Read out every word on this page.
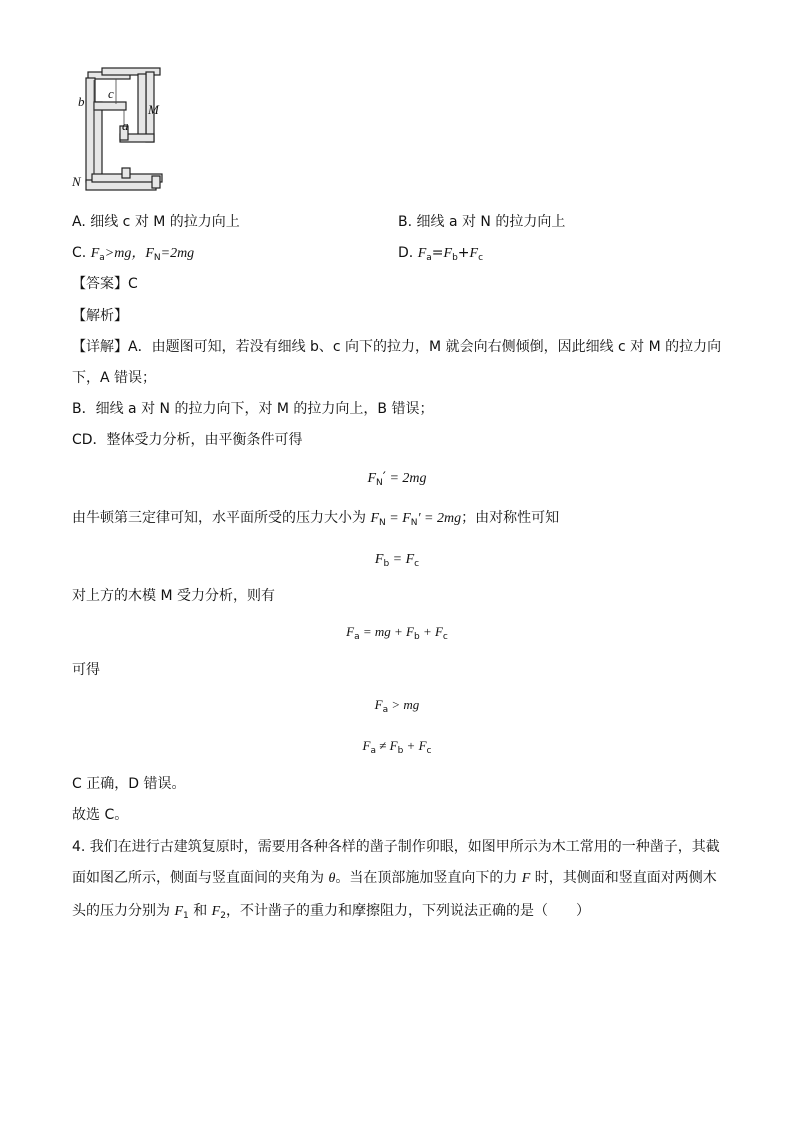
b
c
M
a
N
A. 细线 c 对 M 的拉力向上	B. 细线 a 对 N 的拉力向上
C. $F_a>mg$，$F_N=2mg$	D. $F_a=F_b+F_c$
【答案】C
【解析】
【详解】A．由题图可知，若没有细线 b、c 向下的拉力，M 就会向右侧倾倒，因此细线 c 对 M 的拉力向
下，A 错误；
B．细线 a 对 N 的拉力向下，对 M 的拉力向上，B 错误；
CD．整体受力分析，由平衡条件可得
$F_N' = 2mg$
由牛顿第三定律可知，水平面所受的压力大小为 $F_N = F_N' = 2mg$；由对称性可知
$F_b = F_c$
对上方的木模 M 受力分析，则有
$F_a$ = mg + $F_b + F_c$
可得
$F_a$ > mg
$F_a \ne F_b + F_c$
C 正确，D 错误。
故选 C。
4. 我们在进行古建筑复原时，需要用各种各样的凿子制作卯眼，如图甲所示为木工常用的一种凿子，其截
面如图乙所示，侧面与竖直面间的夹角为 θ。当在顶部施加竖直向下的力 F 时，其侧面和竖直面对两侧木
头的压力分别为 $F_1$ 和 $F_2$，不计凿子的重力和摩擦阻力，下列说法正确的是（　　）
